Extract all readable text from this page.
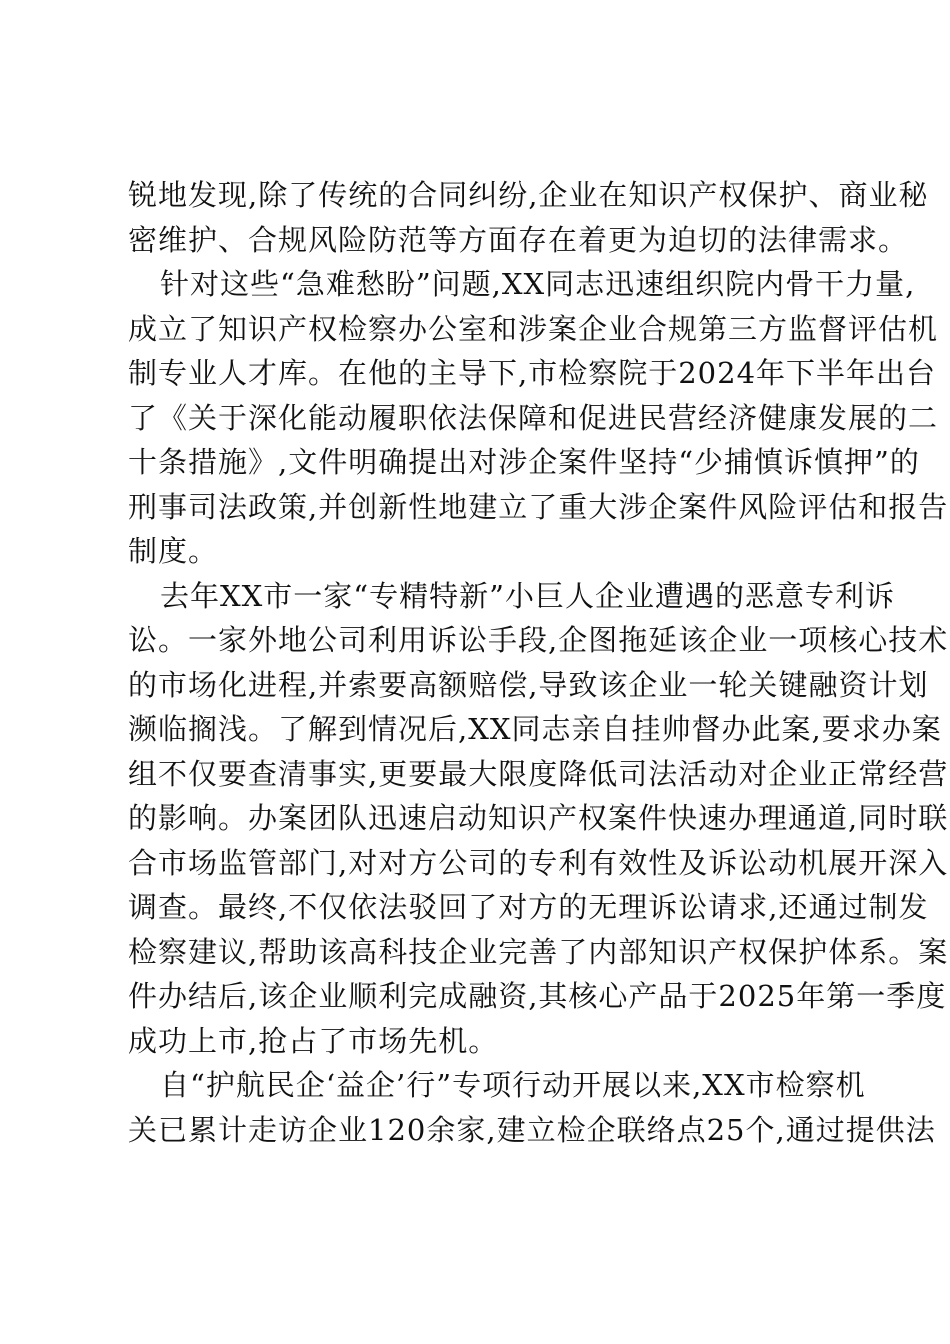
锐地发现,除了传统的合同纠纷,企业在知识产权保护、商业秘
密维护、合规风险防范等方面存在着更为迫切的法律需求。
针对这些“急难愁盼”问题,XX同志迅速组织院内骨干力量,
成立了知识产权检察办公室和涉案企业合规第三方监督评估机
制专业人才库。在他的主导下,市检察院于2024年下半年出台
了《关于深化能动履职依法保障和促进民营经济健康发展的二
十条措施》,文件明确提出对涉企案件坚持“少捕慎诉慎押”的
刑事司法政策,并创新性地建立了重大涉企案件风险评估和报告
制度。
去年XX市一家“专精特新”小巨人企业遭遇的恶意专利诉
讼。一家外地公司利用诉讼手段,企图拖延该企业一项核心技术
的市场化进程,并索要高额赔偿,导致该企业一轮关键融资计划
濒临搁浅。了解到情况后,XX同志亲自挂帅督办此案,要求办案
组不仅要查清事实,更要最大限度降低司法活动对企业正常经营
的影响。办案团队迅速启动知识产权案件快速办理通道,同时联
合市场监管部门,对对方公司的专利有效性及诉讼动机展开深入
调查。最终,不仅依法驳回了对方的无理诉讼请求,还通过制发
检察建议,帮助该高科技企业完善了内部知识产权保护体系。案
件办结后,该企业顺利完成融资,其核心产品于2025年第一季度
成功上市,抢占了市场先机。
自“护航民企‘益企’行”专项行动开展以来,XX市检察机
关已累计走访企业120余家,建立检企联络点25个,通过提供法
